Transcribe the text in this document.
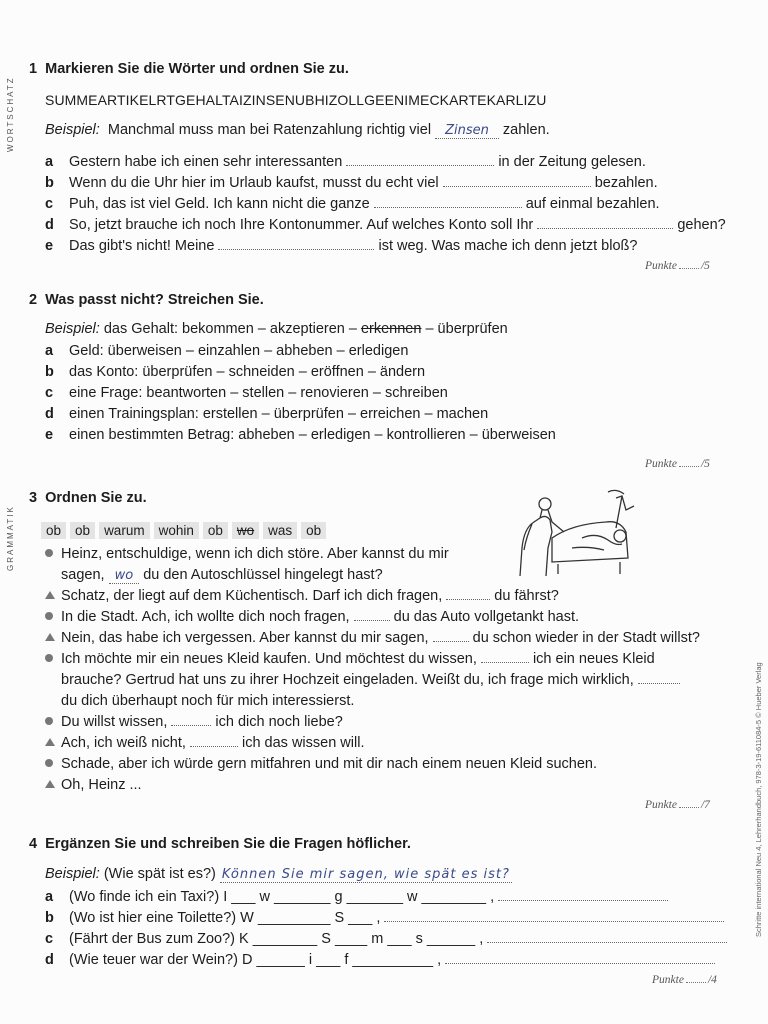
WORTSCHATZ
GRAMMATIK
Schritte international Neu 4, Lehrerhandbuch, 978-3-19-611084-5 © Hueber Verlag
1 Markieren Sie die Wörter und ordnen Sie zu.
SUMMEARTIKELRTGEHALTAIZINSENUBHIZOLLGEENIMECKARTEKARLIZU
Beispiel: Manchmal muss man bei Ratenzahlung richtig viel Zinsen zahlen.
a Gestern habe ich einen sehr interessanten	in der Zeitung gelesen.
b Wenn du die Uhr hier im Urlaub kaufst, musst du echt viel	bezahlen.
c Puh, das ist viel Geld. Ich kann nicht die ganze	auf einmal bezahlen.
d So, jetzt brauche ich noch Ihre Kontonummer. Auf welches Konto soll Ihr	gehen?
e Das gibt's nicht! Meine	ist weg. Was mache ich denn jetzt bloß?
Punkte /5
2 Was passt nicht? Streichen Sie.
Beispiel: das Gehalt: bekommen – akzeptieren – erkennen – überprüfen
a Geld: überweisen – einzahlen – abheben – erledigen
b das Konto: überprüfen – schneiden – eröffnen – ändern
c eine Frage: beantworten – stellen – renovieren – schreiben
d einen Trainingsplan: erstellen – überprüfen – erreichen – machen
e einen bestimmten Betrag: abheben – erledigen – kontrollieren – überweisen
Punkte /5
3 Ordnen Sie zu.
ob ob warum wohin ob wo was ob
Heinz, entschuldige, wenn ich dich störe. Aber kannst du mir
sagen, wo du den Autoschlüssel hingelegt hast?
Schatz, der liegt auf dem Küchentisch. Darf ich dich fragen,	du fährst?
In die Stadt. Ach, ich wollte dich noch fragen,	du das Auto vollgetankt hast.
Nein, das habe ich vergessen. Aber kannst du mir sagen,	du schon wieder in der Stadt willst?
Ich möchte mir ein neues Kleid kaufen. Und möchtest du wissen,	ich ein neues Kleid
brauche? Gertrud hat uns zu ihrer Hochzeit eingeladen. Weißt du, ich frage mich wirklich,
du dich überhaupt noch für mich interessierst.
Du willst wissen,	ich dich noch liebe?
Ach, ich weiß nicht,	ich das wissen will.
Schade, aber ich würde gern mitfahren und mit dir nach einem neuen Kleid suchen.
Oh, Heinz ...
Punkte /7
4 Ergänzen Sie und schreiben Sie die Fragen höflicher.
Beispiel: (Wie spät ist es?) Können Sie mir sagen, wie spät es ist?
a (Wo finde ich ein Taxi?) I ___ w _______ g _______ w ________ ,
b (Wo ist hier eine Toilette?) W _________ S ___ ,
c (Fährt der Bus zum Zoo?) K ________ S ____ m ___ s ______ ,
d (Wie teuer war der Wein?) D ______ i ___ f __________ ,
Punkte /4
